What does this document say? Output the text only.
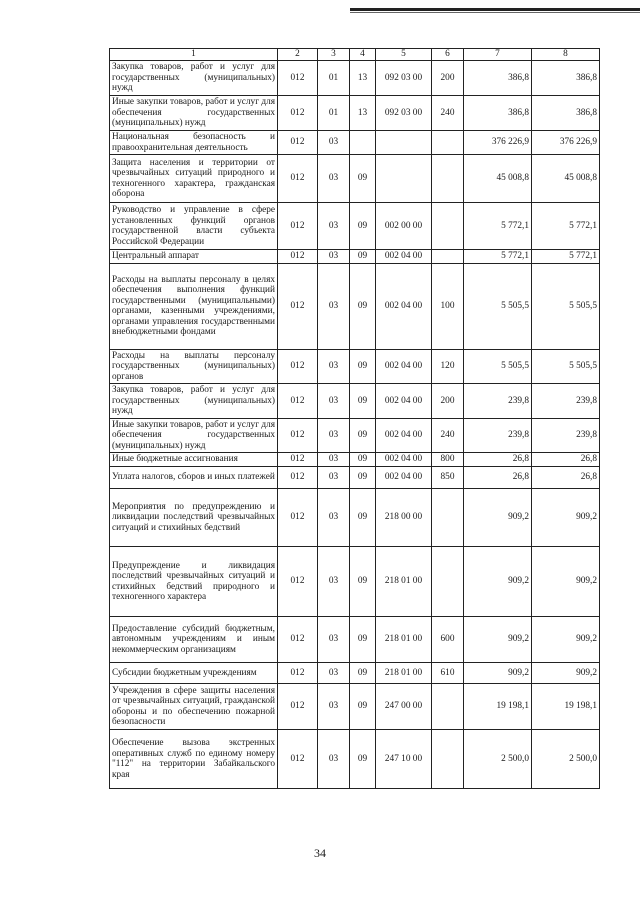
1	2	3	4	5	6	7	8
Закупка товаров, работ и услуг для государственных (муниципальных) нужд	012	01	13	092 03 00	200	386,8	386,8
Иные закупки товаров, работ и услуг для обеспечения государственных (муниципальных) нужд	012	01	13	092 03 00	240	386,8	386,8
Национальная безопасность и правоохранительная деятельность	012	03				376 226,9	376 226,9
Защита населения и территории от чрезвычайных ситуаций природного и техногенного характера, гражданская оборона	012	03	09			45 008,8	45 008,8
Руководство и управление в сфере установленных функций органов государственной власти субъекта Российской Федерации	012	03	09	002 00 00		5 772,1	5 772,1
Центральный аппарат	012	03	09	002 04 00		5 772,1	5 772,1
Расходы на выплаты персоналу в целях обеспечения выполнения функций государственными (муниципальными) органами, казенными учреждениями, органами управления государственными внебюджетными фондами	012	03	09	002 04 00	100	5 505,5	5 505,5
Расходы на выплаты персоналу государственных (муниципальных) органов	012	03	09	002 04 00	120	5 505,5	5 505,5
Закупка товаров, работ и услуг для государственных (муниципальных) нужд	012	03	09	002 04 00	200	239,8	239,8
Иные закупки товаров, работ и услуг для обеспечения государственных (муниципальных) нужд	012	03	09	002 04 00	240	239,8	239,8
Иные бюджетные ассигнования	012	03	09	002 04 00	800	26,8	26,8
Уплата налогов, сборов и иных платежей	012	03	09	002 04 00	850	26,8	26,8
Мероприятия по предупреждению и ликвидации последствий чрезвычайных ситуаций и стихийных бедствий	012	03	09	218 00 00		909,2	909,2
Предупреждение и ликвидация последствий чрезвычайных ситуаций и стихийных бедствий природного и техногенного характера	012	03	09	218 01 00		909,2	909,2
Предоставление субсидий бюджетным, автономным учреждениям и иным некоммерческим организациям	012	03	09	218 01 00	600	909,2	909,2
Субсидии бюджетным учреждениям	012	03	09	218 01 00	610	909,2	909,2
Учреждения в сфере защиты населения от чрезвычайных ситуаций, гражданской обороны и по обеспечению пожарной безопасности	012	03	09	247 00 00		19 198,1	19 198,1
Обеспечение вызова экстренных оперативных служб по единому номеру "112" на территории Забайкальского края	012	03	09	247 10 00		2 500,0	2 500,0
34
